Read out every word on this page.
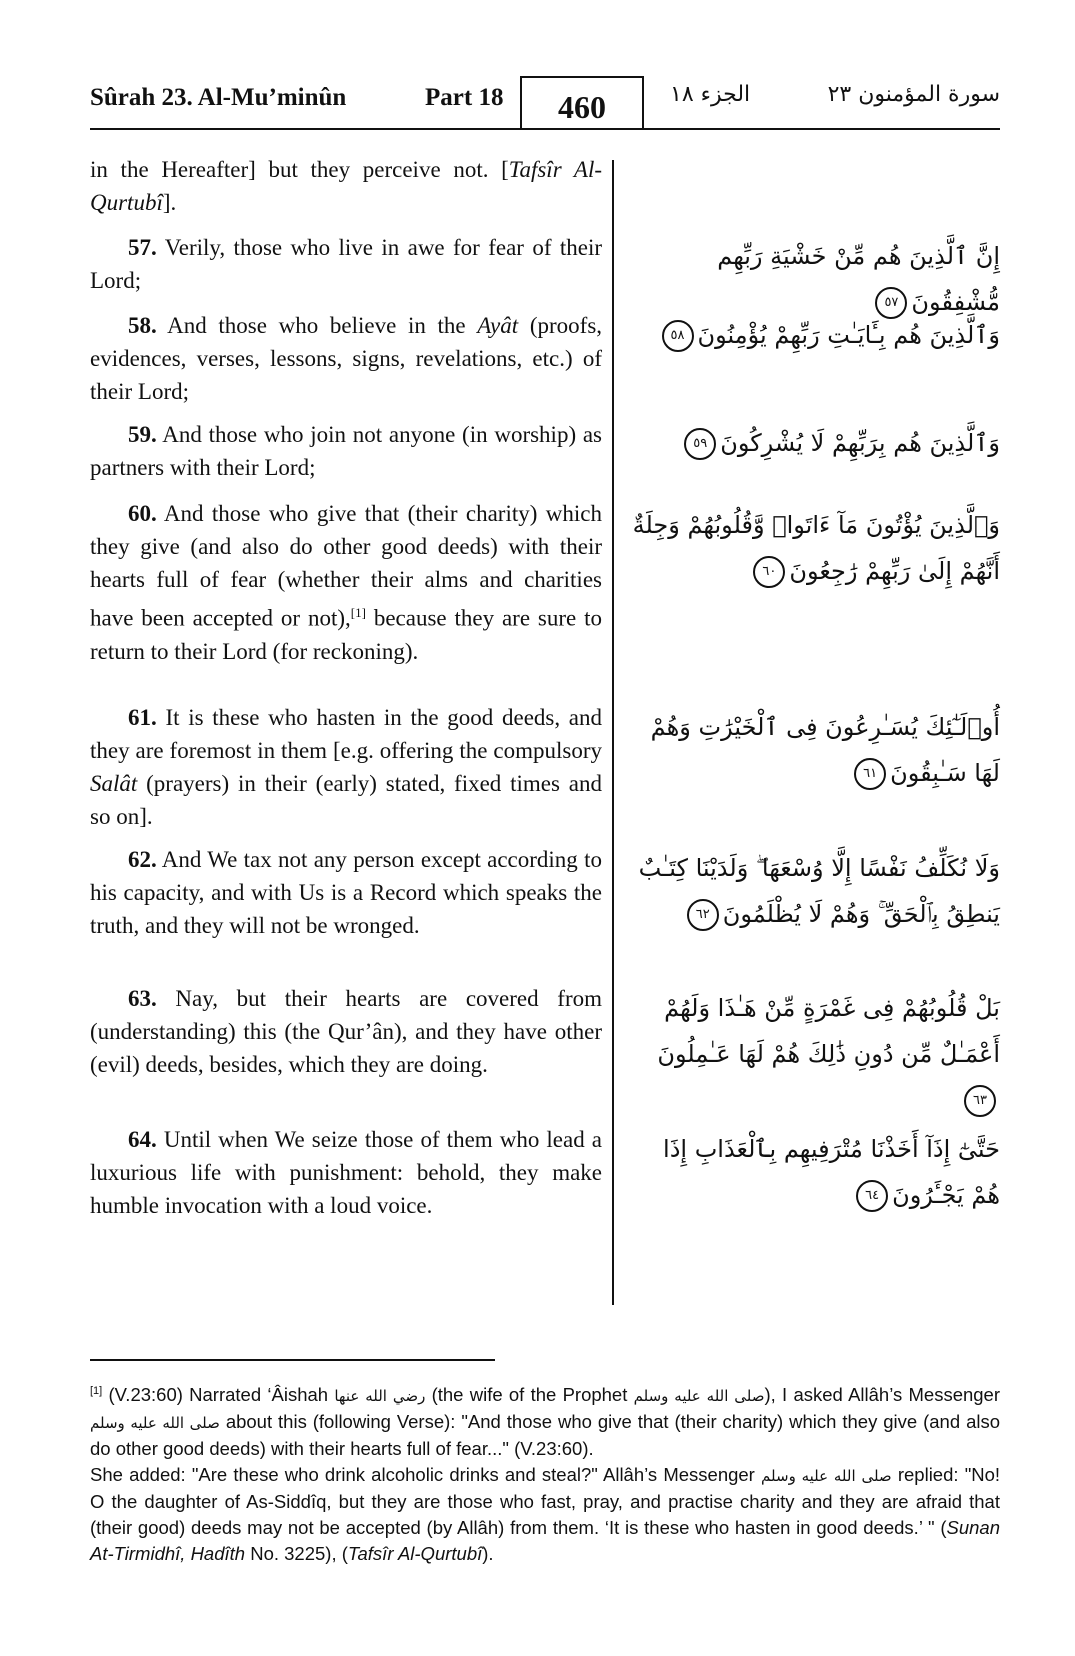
Sûrah 23. Al-Mu’minûn	Part 18	460	الجزء ١٨	سورة المؤمنون ٢٣
in the Hereafter] but they perceive not. [Tafsîr Al-Qurtubî].
57. Verily, those who live in awe for fear of their Lord;
إِنَّ ٱلَّذِينَ هُم مِّنْ خَشْيَةِ رَبِّهِم مُّشْفِقُونَ٥٧
58. And those who believe in the Ayât (proofs, evidences, verses, lessons, signs, revelations, etc.) of their Lord;
وَٱلَّذِينَ هُم بِـَٔايَـٰتِ رَبِّهِمْ يُؤْمِنُونَ٥٨
59. And those who join not anyone (in worship) as partners with their Lord;
وَٱلَّذِينَ هُم بِرَبِّهِمْ لَا يُشْرِكُونَ٥٩
60. And those who give that (their charity) which they give (and also do other good deeds) with their hearts full of fear (whether their alms and charities have been accepted or not),[1] because they are sure to return to their Lord (for reckoning).
وَٱلَّذِينَ يُؤْتُونَ مَآ ءَاتَوا۟ وَّقُلُوبُهُمْ وَجِلَةٌ أَنَّهُمْ إِلَىٰ رَبِّهِمْ رَٰجِعُونَ٦٠
61. It is these who hasten in the good deeds, and they are foremost in them [e.g. offering the compulsory Salât (prayers) in their (early) stated, fixed times and so on].
أُو۟لَـٰٓئِكَ يُسَـٰرِعُونَ فِى ٱلْخَيْرَٰتِ وَهُمْ لَهَا سَـٰبِقُونَ٦١
62. And We tax not any person except according to his capacity, and with Us is a Record which speaks the truth, and they will not be wronged.
وَلَا نُكَلِّفُ نَفْسًا إِلَّا وُسْعَهَا ۖ وَلَدَيْنَا كِتَـٰبٌ يَنطِقُ بِٱلْحَقِّ ۚ وَهُمْ لَا يُظْلَمُونَ٦٢
63. Nay, but their hearts are covered from (understanding) this (the Qur’ân), and they have other (evil) deeds, besides, which they are doing.
بَلْ قُلُوبُهُمْ فِى غَمْرَةٍ مِّنْ هَـٰذَا وَلَهُمْ أَعْمَـٰلٌ مِّن دُونِ ذَٰلِكَ هُمْ لَهَا عَـٰمِلُونَ٦٣
64. Until when We seize those of them who lead a luxurious life with punishment: behold, they make humble invocation with a loud voice.
حَتَّىٰٓ إِذَآ أَخَذْنَا مُتْرَفِيهِم بِٱلْعَذَابِ إِذَا هُمْ يَجْـَٔرُونَ٦٤
[1] (V.23:60) Narrated ‘Âishah رضي الله عنها (the wife of the Prophet صلى الله عليه وسلم), I asked Allâh’s Messenger صلى الله عليه وسلم about this (following Verse): "And those who give that (their charity) which they give (and also do other good deeds) with their hearts full of fear..." (V.23:60).
She added: "Are these who drink alcoholic drinks and steal?" Allâh’s Messenger صلى الله عليه وسلم replied: "No! O the daughter of As-Siddîq, but they are those who fast, pray, and practise charity and they are afraid that (their good) deeds may not be accepted (by Allâh) from them. ‘It is these who hasten in good deeds.’ " (Sunan At-Tirmidhî, Hadîth No. 3225), (Tafsîr Al-Qurtubî).
